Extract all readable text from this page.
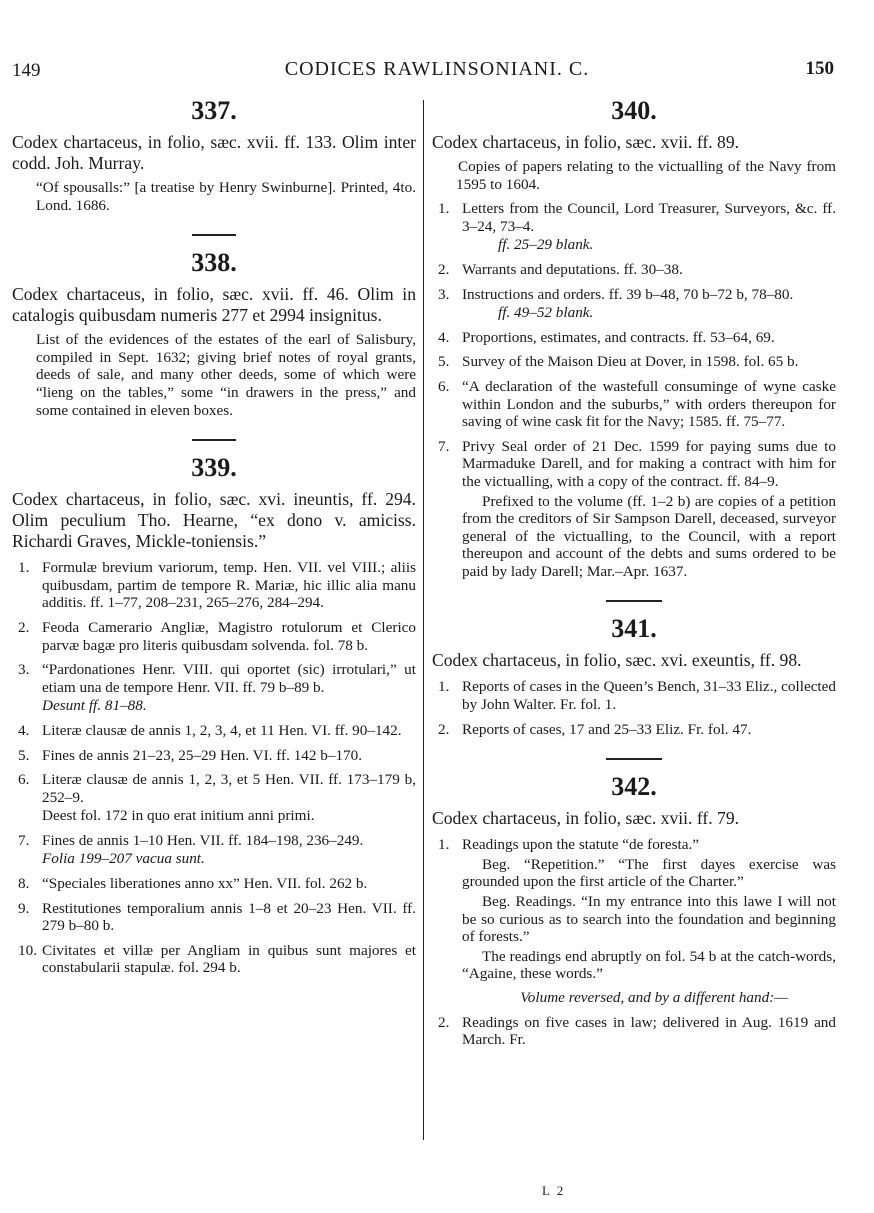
149	CODICES RAWLINSONIANI. C.	150
337.
Codex chartaceus, in folio, sæc. xvii. ff. 133. Olim inter codd. Joh. Murray.
“Of spousalls:” [a treatise by Henry Swinburne]. Printed, 4to. Lond. 1686.
338.
Codex chartaceus, in folio, sæc. xvii. ff. 46. Olim in catalogis quibusdam numeris 277 et 2994 insignitus.
List of the evidences of the estates of the earl of Salisbury, compiled in Sept. 1632; giving brief notes of royal grants, deeds of sale, and many other deeds, some of which were “lieng on the tables,” some “in drawers in the press,” and some contained in eleven boxes.
339.
Codex chartaceus, in folio, sæc. xvi. ineuntis, ff. 294. Olim peculium Tho. Hearne, “ex dono v. amiciss. Richardi Graves, Mickle-toniensis.”
1. Formulæ brevium variorum, temp. Hen. VII. vel VIII.; aliis quibusdam, partim de tempore R. Mariæ, hic illic alia manu additis. ff. 1–77, 208–231, 265–276, 284–294.
2. Feoda Camerario Angliæ, Magistro rotulorum et Clerico parvæ bagæ pro literis quibusdam solvenda. fol. 78 b.
3. “Pardonationes Henr. VIII. qui oportet (sic) irrotulari,” ut etiam una de tempore Henr. VII. ff. 79 b–89 b.
Desunt ff. 81–88.
4. Literæ clausæ de annis 1, 2, 3, 4, et 11 Hen. VI. ff. 90–142.
5. Fines de annis 21–23, 25–29 Hen. VI. ff. 142 b–170.
6. Literæ clausæ de annis 1, 2, 3, et 5 Hen. VII. ff. 173–179 b, 252–9.
Deest fol. 172 in quo erat initium anni primi.
7. Fines de annis 1–10 Hen. VII. ff. 184–198, 236–249.
Folia 199–207 vacua sunt.
8. “Speciales liberationes anno xx” Hen. VII. fol. 262 b.
9. Restitutiones temporalium annis 1–8 et 20–23 Hen. VII. ff. 279 b–80 b.
10. Civitates et villæ per Angliam in quibus sunt majores et constabularii stapulæ. fol. 294 b.
340.
Codex chartaceus, in folio, sæc. xvii. ff. 89.
Copies of papers relating to the victualling of the Navy from 1595 to 1604.
1. Letters from the Council, Lord Treasurer, Surveyors, &c. ff. 3–24, 73–4.
ff. 25–29 blank.
2. Warrants and deputations. ff. 30–38.
3. Instructions and orders. ff. 39 b–48, 70 b–72 b, 78–80.
ff. 49–52 blank.
4. Proportions, estimates, and contracts. ff. 53–64, 69.
5. Survey of the Maison Dieu at Dover, in 1598. fol. 65 b.
6. “A declaration of the wastefull consuminge of wyne caske within London and the suburbs,” with orders thereupon for saving of wine cask fit for the Navy; 1585. ff. 75–77.
7. Privy Seal order of 21 Dec. 1599 for paying sums due to Marmaduke Darell, and for making a contract with him for the victualling, with a copy of the contract. ff. 84–9.
Prefixed to the volume (ff. 1–2 b) are copies of a petition from the creditors of Sir Sampson Darell, deceased, surveyor general of the victualling, to the Council, with a report thereupon and account of the debts and sums ordered to be paid by lady Darell; Mar.–Apr. 1637.
341.
Codex chartaceus, in folio, sæc. xvi. exeuntis, ff. 98.
1. Reports of cases in the Queen’s Bench, 31–33 Eliz., collected by John Walter. Fr. fol. 1.
2. Reports of cases, 17 and 25–33 Eliz. Fr. fol. 47.
342.
Codex chartaceus, in folio, sæc. xvii. ff. 79.
1. Readings upon the statute “de foresta.”
Beg. “Repetition.” “The first dayes exercise was grounded upon the first article of the Charter.”
Beg. Readings. “In my entrance into this lawe I will not be so curious as to search into the foundation and beginning of forests.”
The readings end abruptly on fol. 54 b at the catch-words, “Againe, these words.”
Volume reversed, and by a different hand:—
2. Readings on five cases in law; delivered in Aug. 1619 and March. Fr.
L 2
